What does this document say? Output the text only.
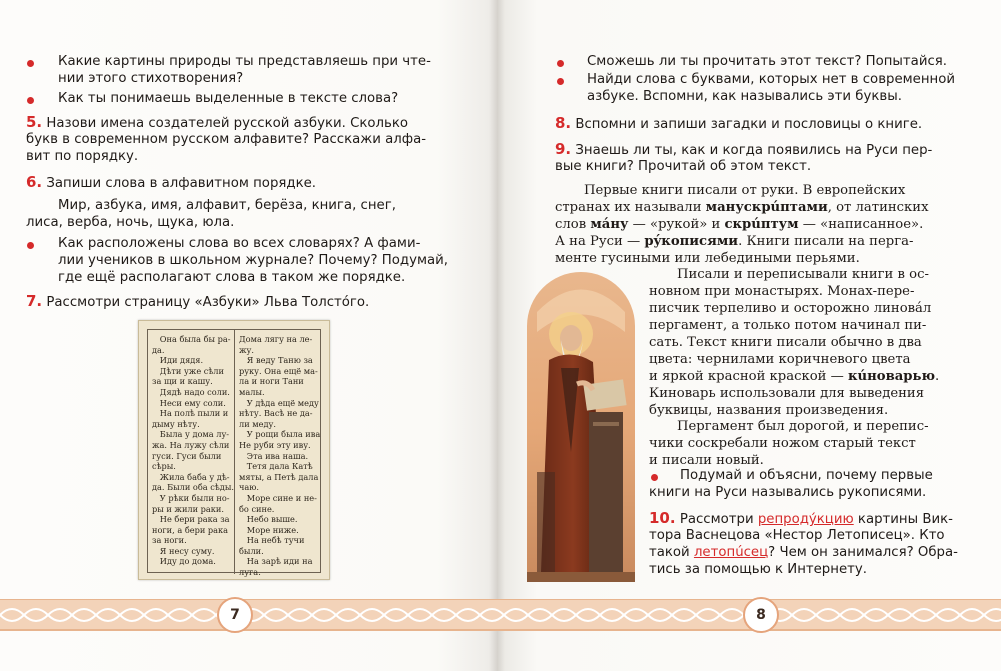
Какие картины природы ты представляешь при чте-
нии этого стихотворения?
Как ты понимаешь выделенные в тексте слова?
5. Назови имена создателей русской азбуки. Сколько
букв в современном русском алфавите? Расскажи алфа-
вит по порядку.
6. Запиши слова в алфавитном порядке.
Мир, азбука, имя, алфавит, берёза, книга, снег,
лиса, верба, ночь, щука, юла.
Как расположены слова во всех словарях? А фами-
лии учеников в школьном журнале? Почему? Подумай,
где ещё располагают слова в таком же порядке.
7. Рассмотри страницу «Азбуки» Льва Толстóго.
Она была бы ра-
да.
Иди дядя.
Дѣти уже сѣли
за щи и кашу.
Дядѣ надо соли.
Неси ему соли.
На полѣ пыли и
дыму нѣту.
Была у дома лу-
жа. На лужу сѣли
гуси. Гуси были
сѣры.
Жила баба у дѣ-
да. Были оба сѣды.
У рѣки были но-
ры и жили раки.
Не бери рака за
ноги, а бери рака
за ноги.
Я несу суму.
Иду до дома.
Дома лягу на ле-
жу.
Я веду Таню за
руку. Она ещё ма-
ла и ноги Тани
малы.
У дѣда ещё меду
нѣту. Васѣ не да-
ли меду.
У рощи была ива
Не руби эту иву.
Эта ива наша.
Тетя дала Катѣ
мяты, а Петѣ дала
чаю.
Море сине и не-
бо сине.
Небо выше.
Море ниже.
На небѣ тучи
были.
На зарѣ иди на
луга.
Сможешь ли ты прочитать этот текст? Попытайся.
Найди слова с буквами, которых нет в современной
азбуке. Вспомни, как назывались эти буквы.
8. Вспомни и запиши загадки и пословицы о книге.
9. Знаешь ли ты, как и когда появились на Руси пер-
вые книги? Прочитай об этом текст.
Первые книги писали от руки. В европейских
странах их называли манускрúптами, от латинских
слов мáну — «рукой» и скрúптум — «написанное».
А на Руси — рýкописями. Книги писали на перга-
менте гусиными или лебедиными перьями.
Писали и переписывали книги в ос-
новном при монастырях. Монах-пере-
писчик терпеливо и осторожно линовáл
пергамент, а только потом начинал пи-
сать. Текст книги писали обычно в два
цвета: чернилами коричневого цвета
и яркой красной краской — кúноварью.
Киноварь использовали для выведения
буквицы, названия произведения.
Пергамент был дорогой, и перепис-
чики соскребали ножом старый текст
и писали новый.
Подумай и объясни, почему первые
книги на Руси назывались рукописями.
10. Рассмотри репродýкцию картины Вик-
тора Васнецова «Нестор Летописец». Кто
такой летопúсец? Чем он занимался? Обра-
тись за помощью к Интернету.
7	8
